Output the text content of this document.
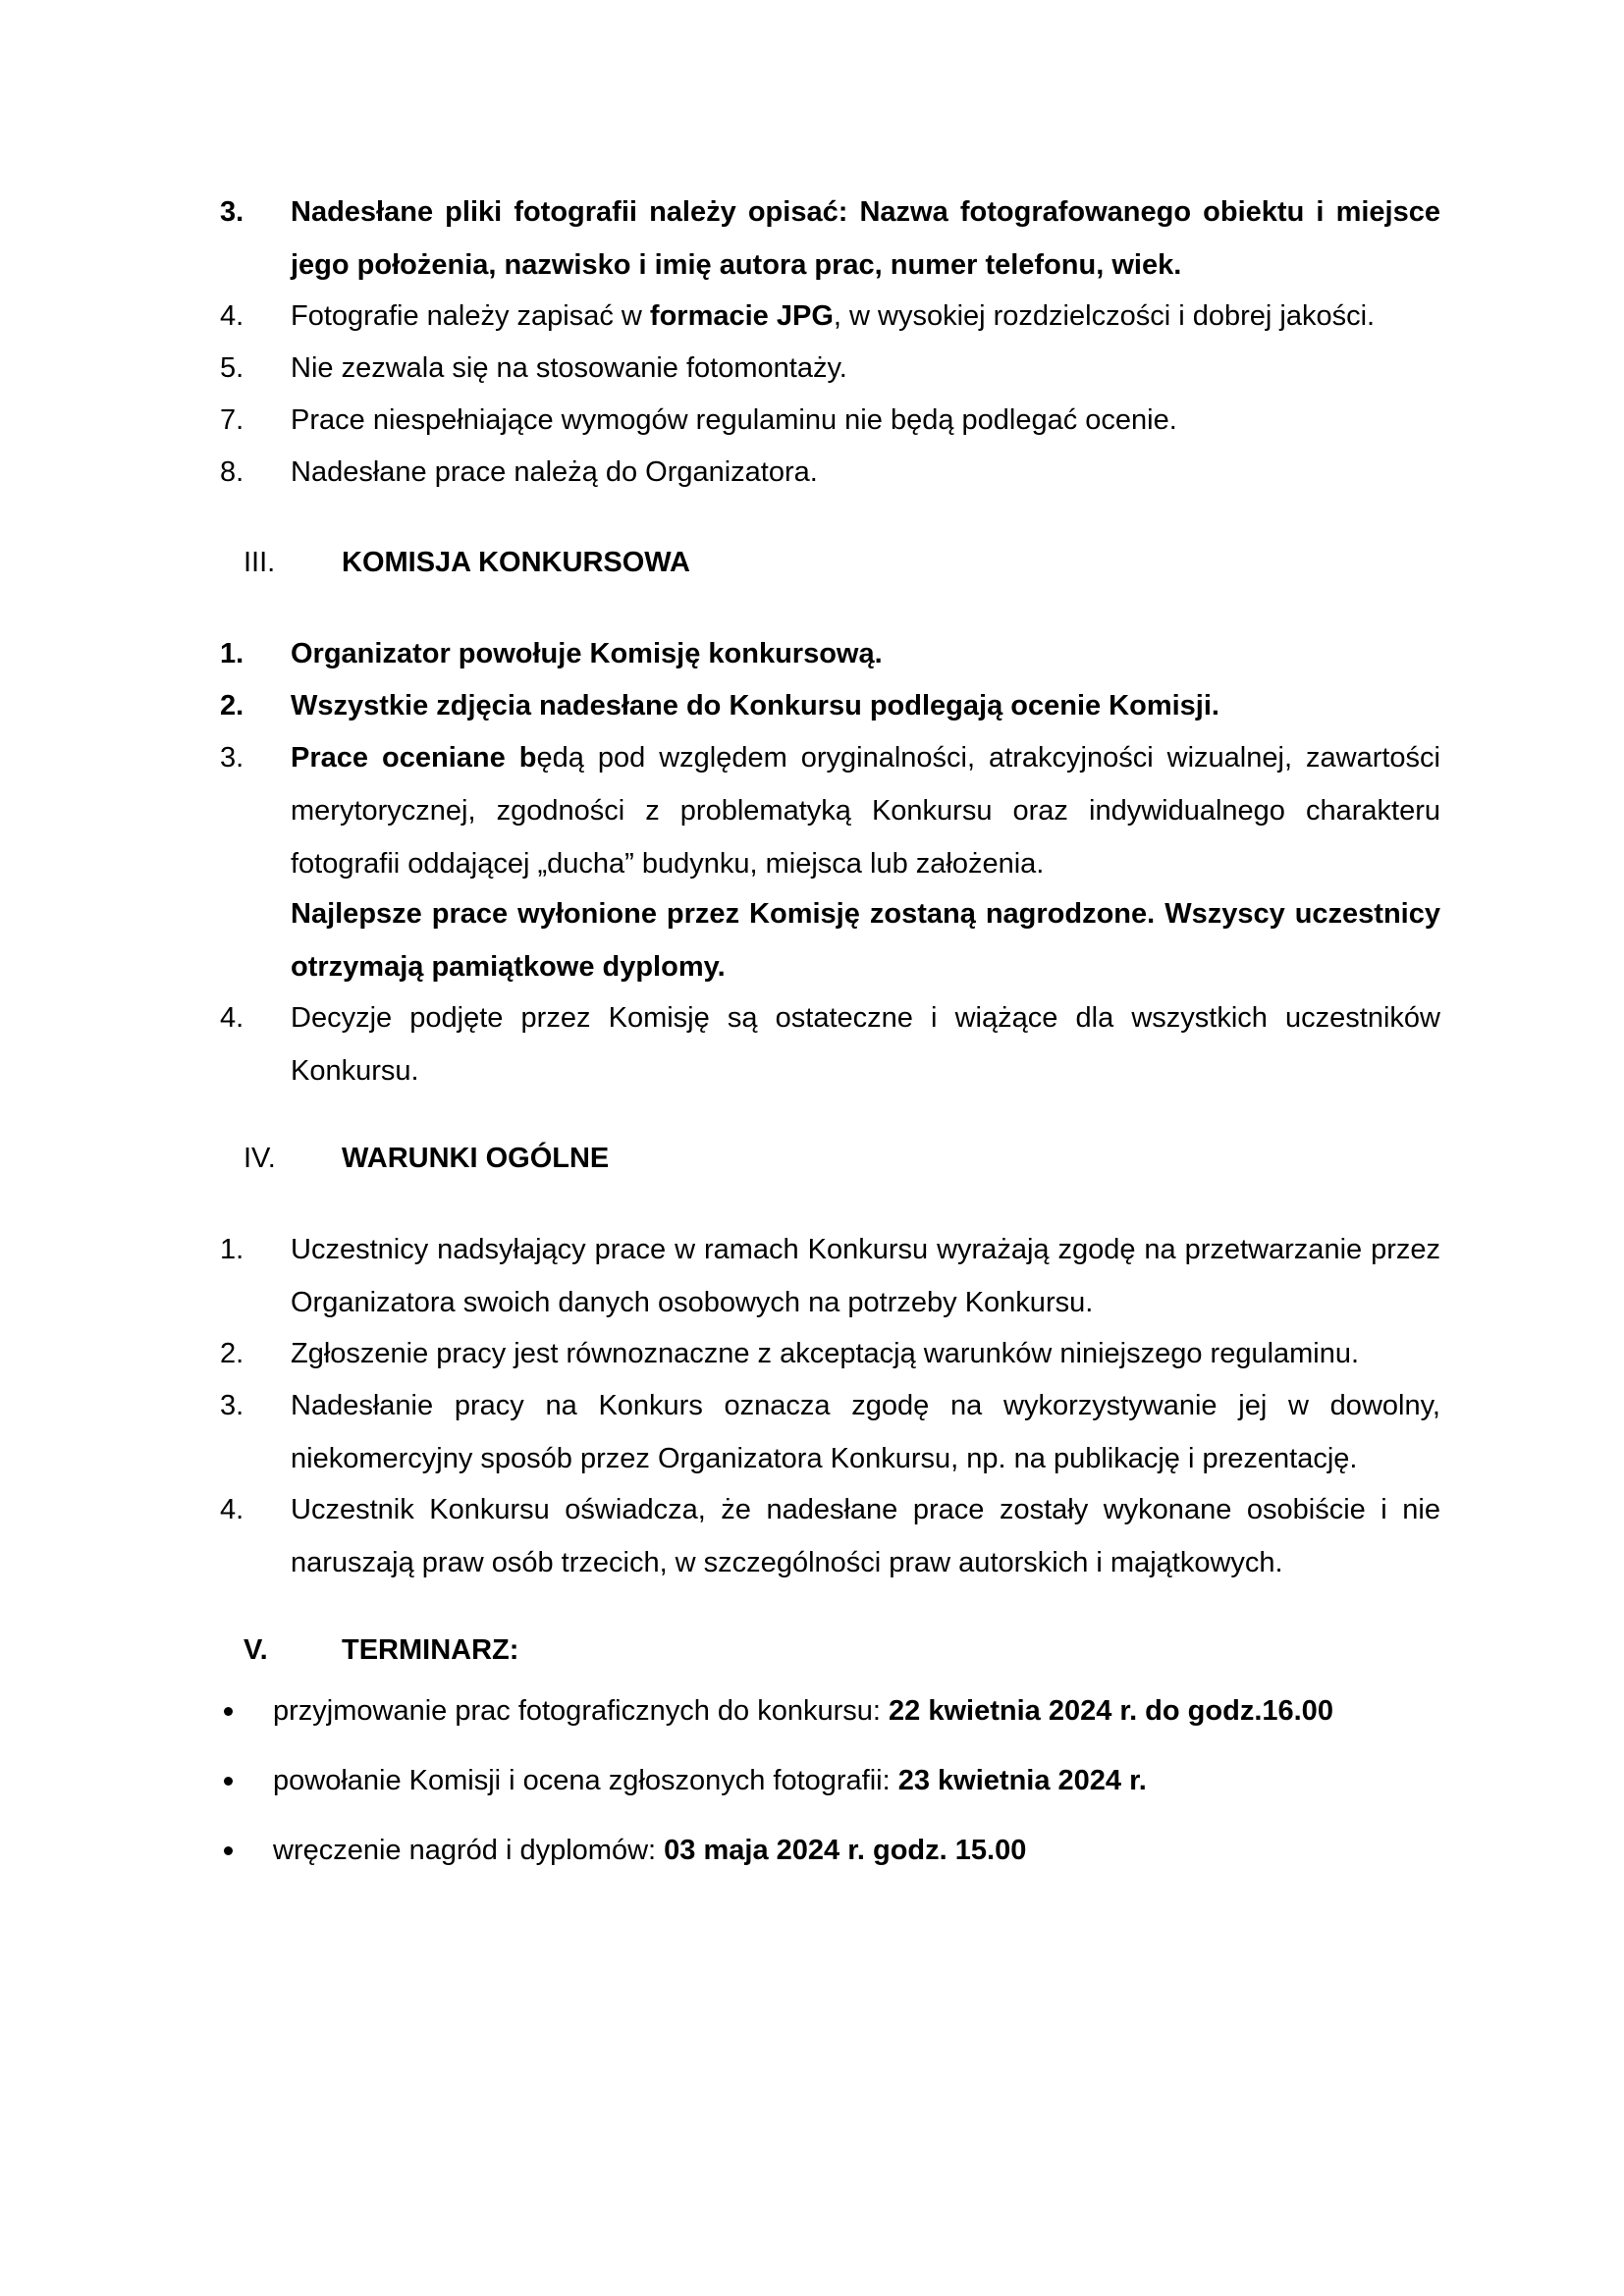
3.	Nadesłane pliki fotografii należy opisać: Nazwa fotografowanego obiektu i miejsce jego położenia, nazwisko i imię autora prac, numer telefonu, wiek.
4.	Fotografie należy zapisać w formacie JPG, w wysokiej rozdzielczości i dobrej jakości.
5.	Nie zezwala się na stosowanie fotomontaży.
7.	Prace niespełniające wymogów regulaminu nie będą podlegać ocenie.
8.	Nadesłane prace należą do Organizatora.
III.	KOMISJA KONKURSOWA
1.	Organizator powołuje Komisję konkursową.
2.	Wszystkie zdjęcia nadesłane do Konkursu podlegają ocenie Komisji.
3.	Prace oceniane będą pod względem oryginalności, atrakcyjności wizualnej, zawartości merytorycznej, zgodności z problematyką Konkursu oraz indywidualnego charakteru fotografii oddającej „ducha” budynku, miejsca lub założenia.
Najlepsze prace wyłonione przez Komisję zostaną nagrodzone. Wszyscy uczestnicy otrzymają pamiątkowe dyplomy.
4.	Decyzje podjęte przez Komisję są ostateczne i wiążące dla wszystkich uczestników Konkursu.
IV.	WARUNKI OGÓLNE
1.	Uczestnicy nadsyłający prace w ramach Konkursu wyrażają zgodę na przetwarzanie przez Organizatora swoich danych osobowych na potrzeby Konkursu.
2.	Zgłoszenie pracy jest równoznaczne z akceptacją warunków niniejszego regulaminu.
3.	Nadesłanie pracy na Konkurs oznacza zgodę na wykorzystywanie jej w dowolny, niekomercyjny sposób przez Organizatora Konkursu, np. na publikację i prezentację.
4.	Uczestnik Konkursu oświadcza, że nadesłane prace zostały wykonane osobiście i nie naruszają praw osób trzecich, w szczególności praw autorskich i majątkowych.
V.	TERMINARZ:
przyjmowanie prac fotograficznych do konkursu: 22 kwietnia 2024 r. do godz.16.00
powołanie Komisji i ocena zgłoszonych fotografii: 23 kwietnia 2024 r.
wręczenie nagród i dyplomów: 03 maja 2024 r. godz. 15.00
